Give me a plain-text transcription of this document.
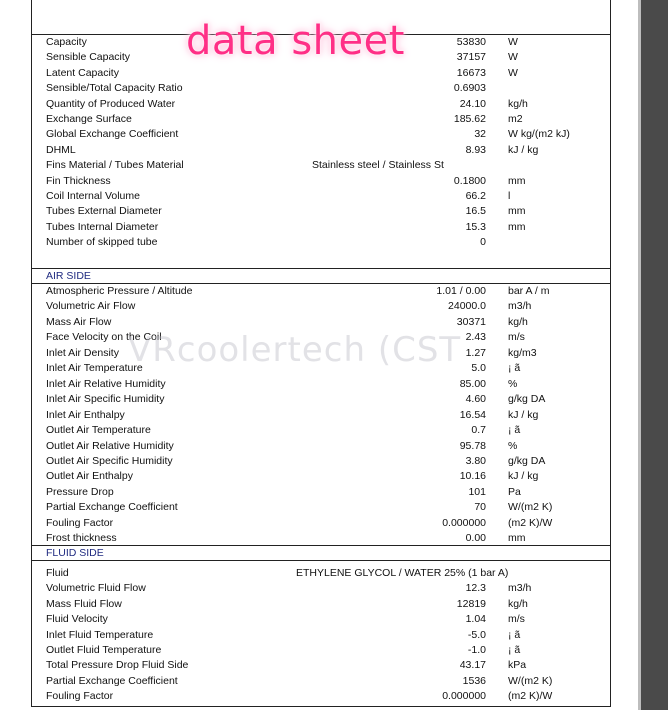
AIR SIDE
FLUID SIDE
Capacity	53830 W
Sensible Capacity	37157 W
Latent Capacity	16673 W
Sensible/Total Capacity Ratio	0.6903
Quantity of Produced Water	24.10 kg/h
Exchange Surface	185.62 m2
Global Exchange Coefficient	32 W kg/(m2 kJ)
DHML	8.93 kJ / kg
Fins Material / Tubes Material	Stainless steel / Stainless St
Fin Thickness	0.1800 mm
Coil Internal Volume	66.2 l
Tubes External Diameter	16.5 mm
Tubes Internal Diameter	15.3 mm
Number of skipped tube	0
Atmospheric Pressure / Altitude	1.01 / 0.00 bar A / m
Volumetric Air Flow	24000.0 m3/h
Mass Air Flow	30371 kg/h
Face Velocity on the Coil	2.43 m/s
Inlet Air Density	1.27 kg/m3
Inlet Air Temperature	5.0 ¡ ã
Inlet Air Relative Humidity	85.00 %
Inlet Air Specific Humidity	4.60 g/kg DA
Inlet Air Enthalpy	16.54 kJ / kg
Outlet Air Temperature	0.7 ¡ ã
Outlet Air Relative Humidity	95.78 %
Outlet Air Specific Humidity	3.80 g/kg DA
Outlet Air Enthalpy	10.16 kJ / kg
Pressure Drop	101 Pa
Partial Exchange Coefficient	70 W/(m2 K)
Fouling Factor	0.000000 (m2 K)/W
Frost thickness	0.00 mm
Fluid	ETHYLENE GLYCOL / WATER 25% (1 bar A)
Volumetric Fluid Flow	12.3 m3/h
Mass Fluid Flow	12819 kg/h
Fluid Velocity	1.04 m/s
Inlet Fluid Temperature	-5.0 ¡ ã
Outlet Fluid Temperature	-1.0 ¡ ã
Total Pressure Drop Fluid Side	43.17 kPa
Partial Exchange Coefficient	1536 W/(m2 K)
Fouling Factor	0.000000 (m2 K)/W
data sheet
VRcoolertech (CST
